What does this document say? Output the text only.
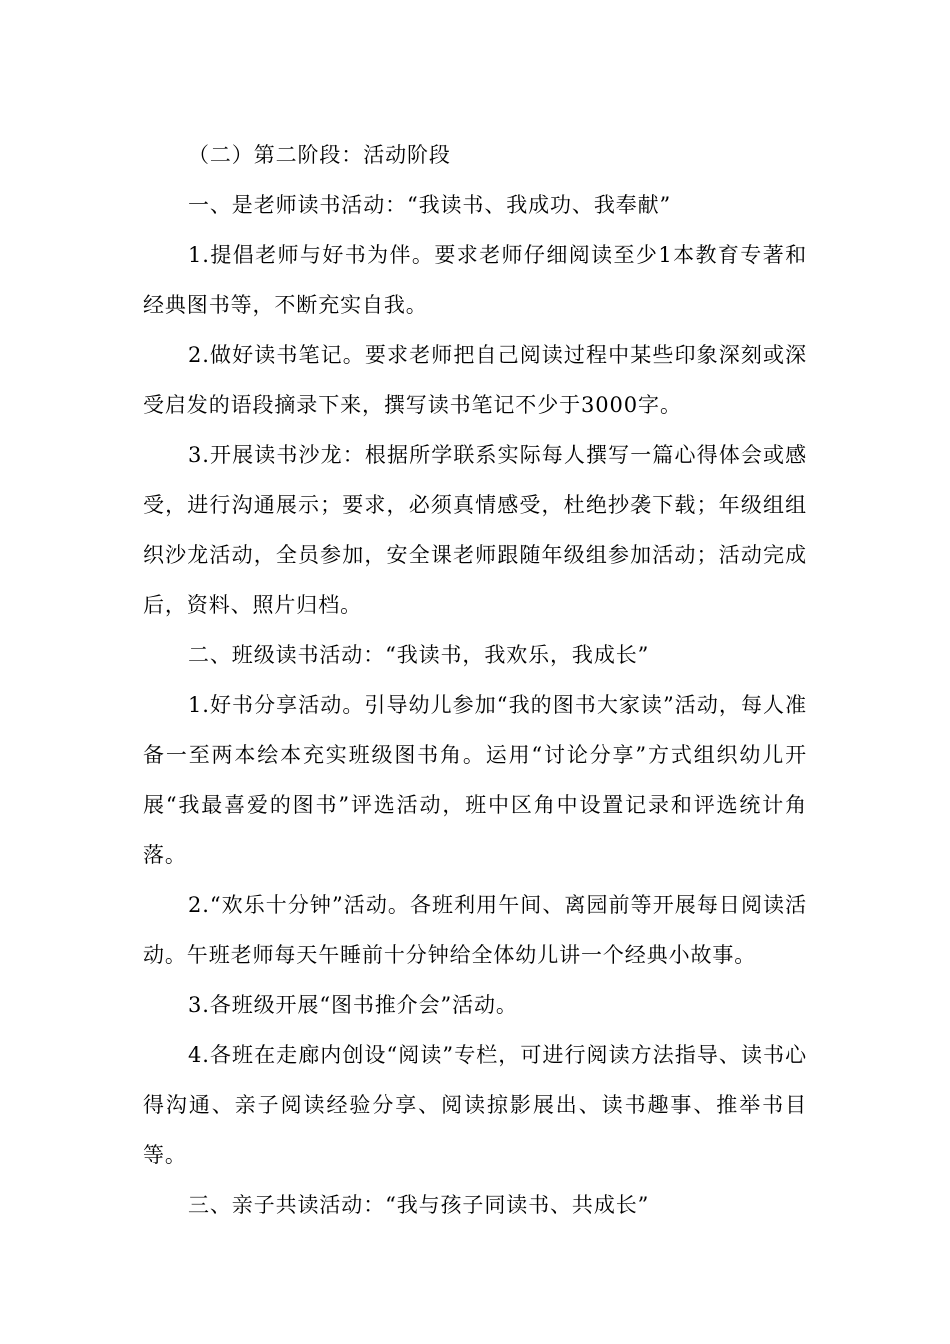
（二）第二阶段：活动阶段

一、是老师读书活动：“我读书、我成功、我奉献”

1.提倡老师与好书为伴。要求老师仔细阅读至少1本教育专著和经典图书等，不断充实自我。

2.做好读书笔记。要求老师把自己阅读过程中某些印象深刻或深受启发的语段摘录下来，撰写读书笔记不少于3000字。

3.开展读书沙龙：根据所学联系实际每人撰写一篇心得体会或感受，进行沟通展示；要求，必须真情感受，杜绝抄袭下载；年级组组织沙龙活动，全员参加，安全课老师跟随年级组参加活动；活动完成后，资料、照片归档。

二、班级读书活动：“我读书，我欢乐，我成长”

1.好书分享活动。引导幼儿参加“我的图书大家读”活动，每人准备一至两本绘本充实班级图书角。运用“讨论分享”方式组织幼儿开展“我最喜爱的图书”评选活动，班中区角中设置记录和评选统计角落。

2.“欢乐十分钟”活动。各班利用午间、离园前等开展每日阅读活动。午班老师每天午睡前十分钟给全体幼儿讲一个经典小故事。

3.各班级开展“图书推介会”活动。

4.各班在走廊内创设“阅读”专栏，可进行阅读方法指导、读书心得沟通、亲子阅读经验分享、阅读掠影展出、读书趣事、推举书目等。

三、亲子共读活动：“我与孩子同读书、共成长”
